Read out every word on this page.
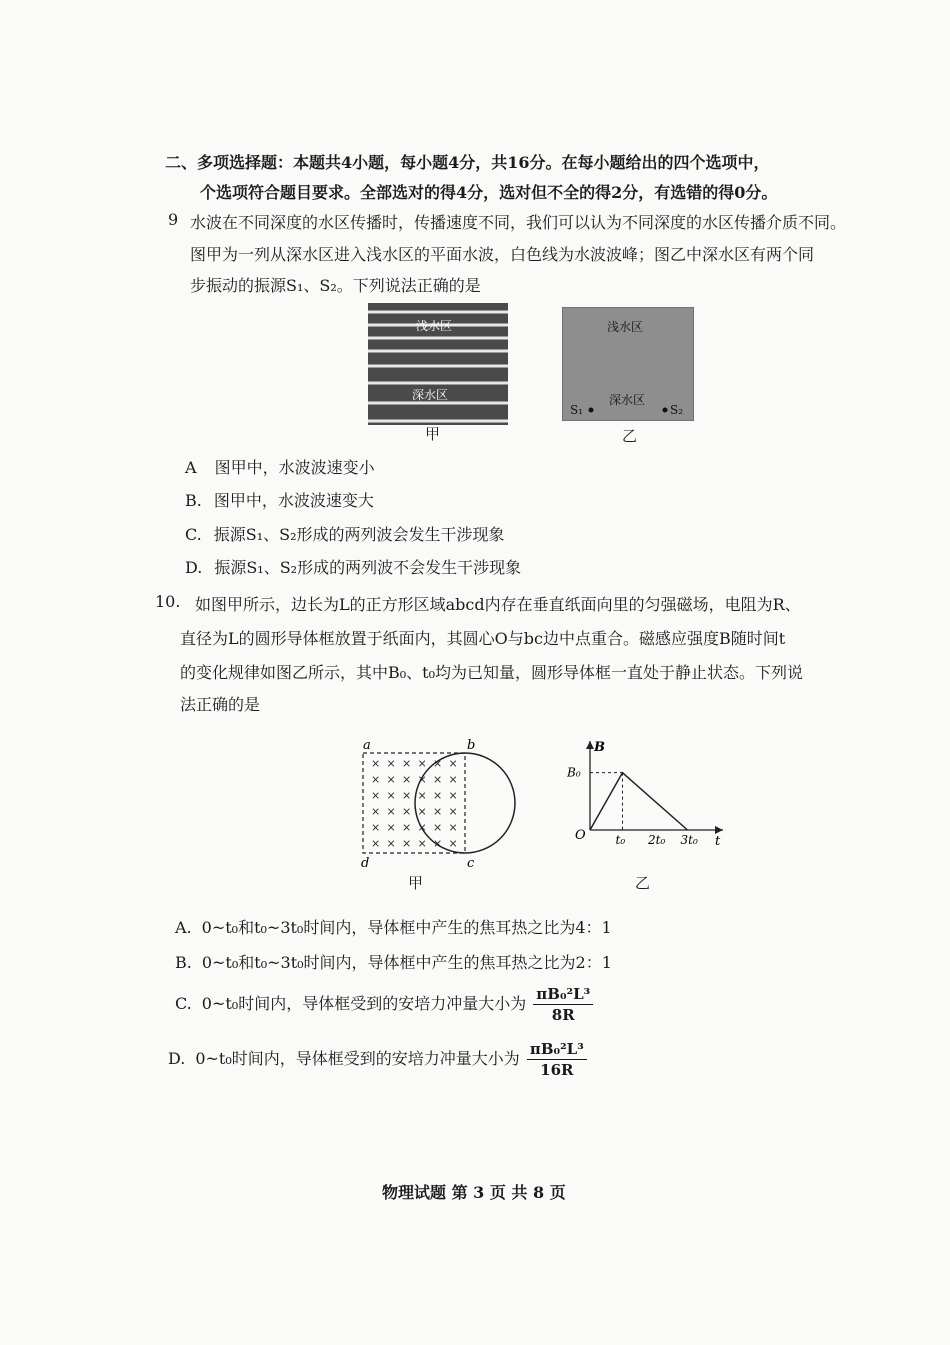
二、多项选择题：本题共4小题，每小题4分，共16分。在每小题给出的四个选项中，
个选项符合题目要求。全部选对的得4分，选对但不全的得2分，有选错的得0分。
9 水波在不同深度的水区传播时，传播速度不同，我们可以认为不同深度的水区传播介质不同。
图甲为一列从深水区进入浅水区的平面水波，白色线为水波波峰；图乙中深水区有两个同
步振动的振源S₁、S₂。下列说法正确的是
浅水区
深水区
甲
浅水区
深水区
S₁	S₂
乙
A 图甲中，水波波速变小
B. 图甲中，水波波速变大
C. 振源S₁、S₂形成的两列波会发生干涉现象
D. 振源S₁、S₂形成的两列波不会发生干涉现象
10. 如图甲所示，边长为L的正方形区域abcd内存在垂直纸面向里的匀强磁场，电阻为R、
直径为L的圆形导体框放置于纸面内，其圆心O与bc边中点重合。磁感应强度B随时间t
的变化规律如图乙所示，其中B₀、t₀均为已知量，圆形导体框一直处于静止状态。下列说
法正确的是
a	b
d	c
× × × × × ×
× × × × × ×
× × × × × ×
× × × × × ×
× × × × × ×
× × × × × ×
甲
B
t
O
B₀
t₀ 2t₀ 3t₀
乙
A. 0~t₀和t₀~3t₀时间内，导体框中产生的焦耳热之比为4：1
B. 0~t₀和t₀~3t₀时间内，导体框中产生的焦耳热之比为2：1
C. 0~t₀时间内，导体框受到的安培力冲量大小为 $\frac{\text{πB₀²L³}}{8R}$
D. 0~t₀时间内，导体框受到的安培力冲量大小为 $\frac{\text{πB₀²L³}}{16R}$
物理试题 第 3 页 共 8 页
